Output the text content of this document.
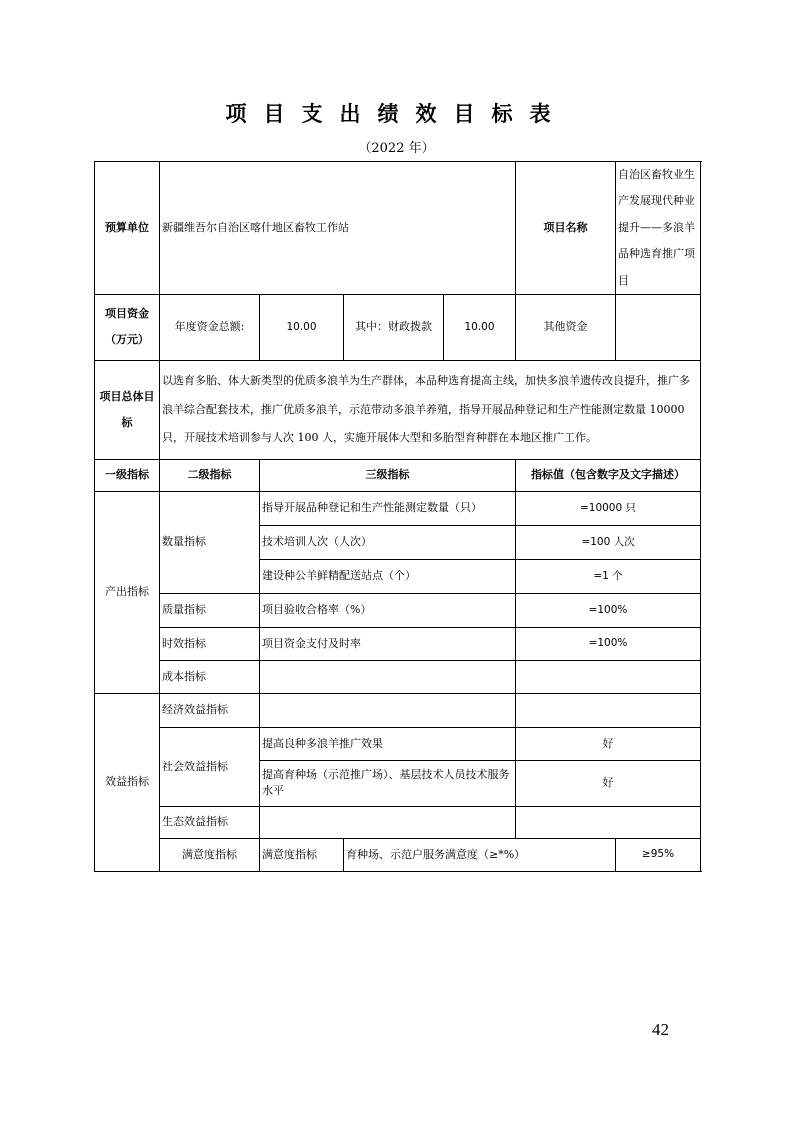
项目支出绩效目标表
（2022 年）
预算单位	新疆维吾尔自治区喀什地区畜牧工作站				项目名称	自治区畜牧业生产发展现代种业提升——多浪羊品种选育推广项目
项目资金（万元）	年度资金总额:	10.00	其中：财政拨款	10.00	其他资金	
项目总体目标	以选育多胎、体大新类型的优质多浪羊为生产群体，本品种选育提高主线，加快多浪羊遗传改良提升，推广多浪羊综合配套技术，推广优质多浪羊，示范带动多浪羊养殖，指导开展品种登记和生产性能测定数量 10000 只，开展技术培训参与人次 100 人，实施开展体大型和多胎型育种群在本地区推广工作。					
一级指标	二级指标	三级指标			指标值（包含数字及文字描述）	
产出指标	数量指标	指导开展品种登记和生产性能测定数量（只）			=10000 只	
		技术培训人次（人次）			=100 人次	
		建设种公羊鲜精配送站点（个）			=1 个	
	质量指标	项目验收合格率（%）			=100%	
	时效指标	项目资金支付及时率			=100%	
	成本指标					
效益指标	经济效益指标					
	社会效益指标	提高良种多浪羊推广效果			好	
		提高育种场（示范推广场）、基层技术人员技术服务水平			好	
	生态效益指标					
	满意度指标	满意度指标	育种场、示范户服务满意度（≥*%）			≥95%
42
